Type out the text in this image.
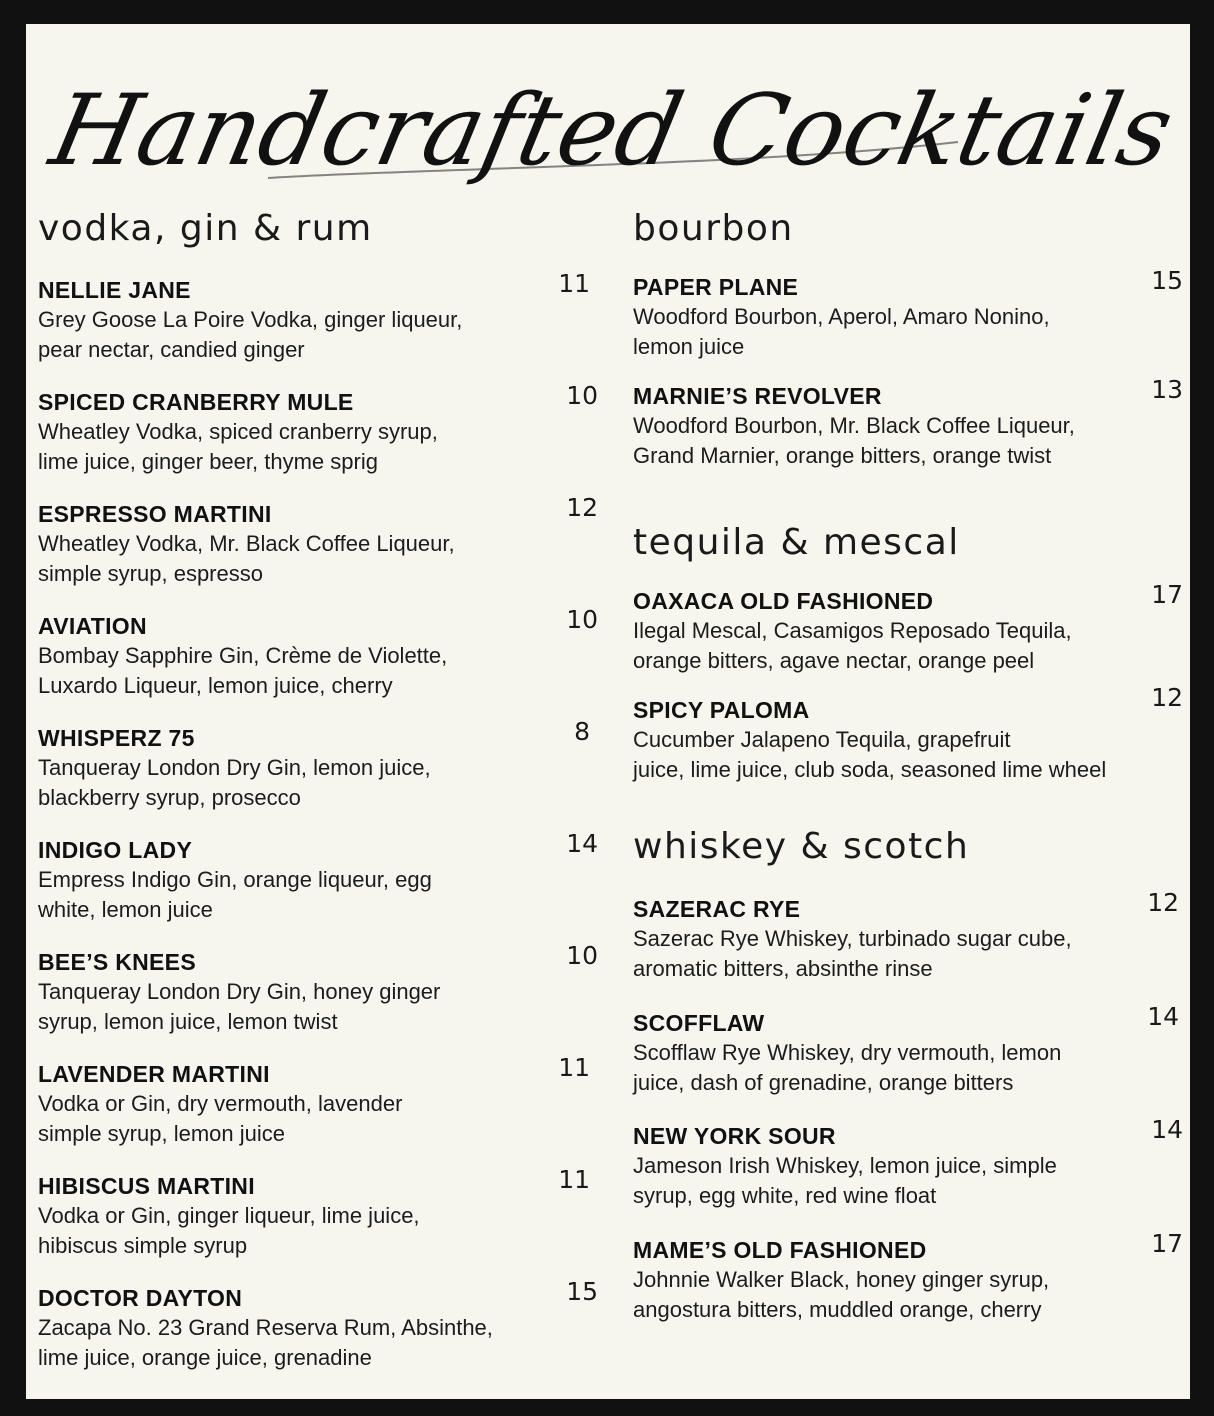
Handcrafted Cocktails
vodka, gin & rum
NELLIE JANE	11
Grey Goose La Poire Vodka, ginger liqueur,
pear nectar, candied ginger
SPICED CRANBERRY MULE	10
Wheatley Vodka, spiced cranberry syrup,
lime juice, ginger beer, thyme sprig
ESPRESSO MARTINI	12
Wheatley Vodka, Mr. Black Coffee Liqueur,
simple syrup, espresso
AVIATION	10
Bombay Sapphire Gin, Crème de Violette,
Luxardo Liqueur, lemon juice, cherry
WHISPERZ 75	8
Tanqueray London Dry Gin, lemon juice,
blackberry syrup, prosecco
INDIGO LADY	14
Empress Indigo Gin, orange liqueur, egg
white, lemon juice
BEE’S KNEES	10
Tanqueray London Dry Gin, honey ginger
syrup, lemon juice, lemon twist
LAVENDER MARTINI	11
Vodka or Gin, dry vermouth, lavender
simple syrup, lemon juice
HIBISCUS MARTINI	11
Vodka or Gin, ginger liqueur, lime juice,
hibiscus simple syrup
DOCTOR DAYTON	15
Zacapa No. 23 Grand Reserva Rum, Absinthe,
lime juice, orange juice, grenadine
bourbon
PAPER PLANE	15
Woodford Bourbon, Aperol, Amaro Nonino,
lemon juice
MARNIE’S REVOLVER	13
Woodford Bourbon, Mr. Black Coffee Liqueur,
Grand Marnier, orange bitters, orange twist
tequila & mescal
OAXACA OLD FASHIONED	17
Ilegal Mescal, Casamigos Reposado Tequila,
orange bitters, agave nectar, orange peel
SPICY PALOMA	12
Cucumber Jalapeno Tequila, grapefruit
juice, lime juice, club soda, seasoned lime wheel
whiskey & scotch
SAZERAC RYE	12
Sazerac Rye Whiskey, turbinado sugar cube,
aromatic bitters, absinthe rinse
SCOFFLAW	14
Scofflaw Rye Whiskey, dry vermouth, lemon
juice, dash of grenadine, orange bitters
NEW YORK SOUR	14
Jameson Irish Whiskey, lemon juice, simple
syrup, egg white, red wine float
MAME’S OLD FASHIONED	17
Johnnie Walker Black, honey ginger syrup,
angostura bitters, muddled orange, cherry
